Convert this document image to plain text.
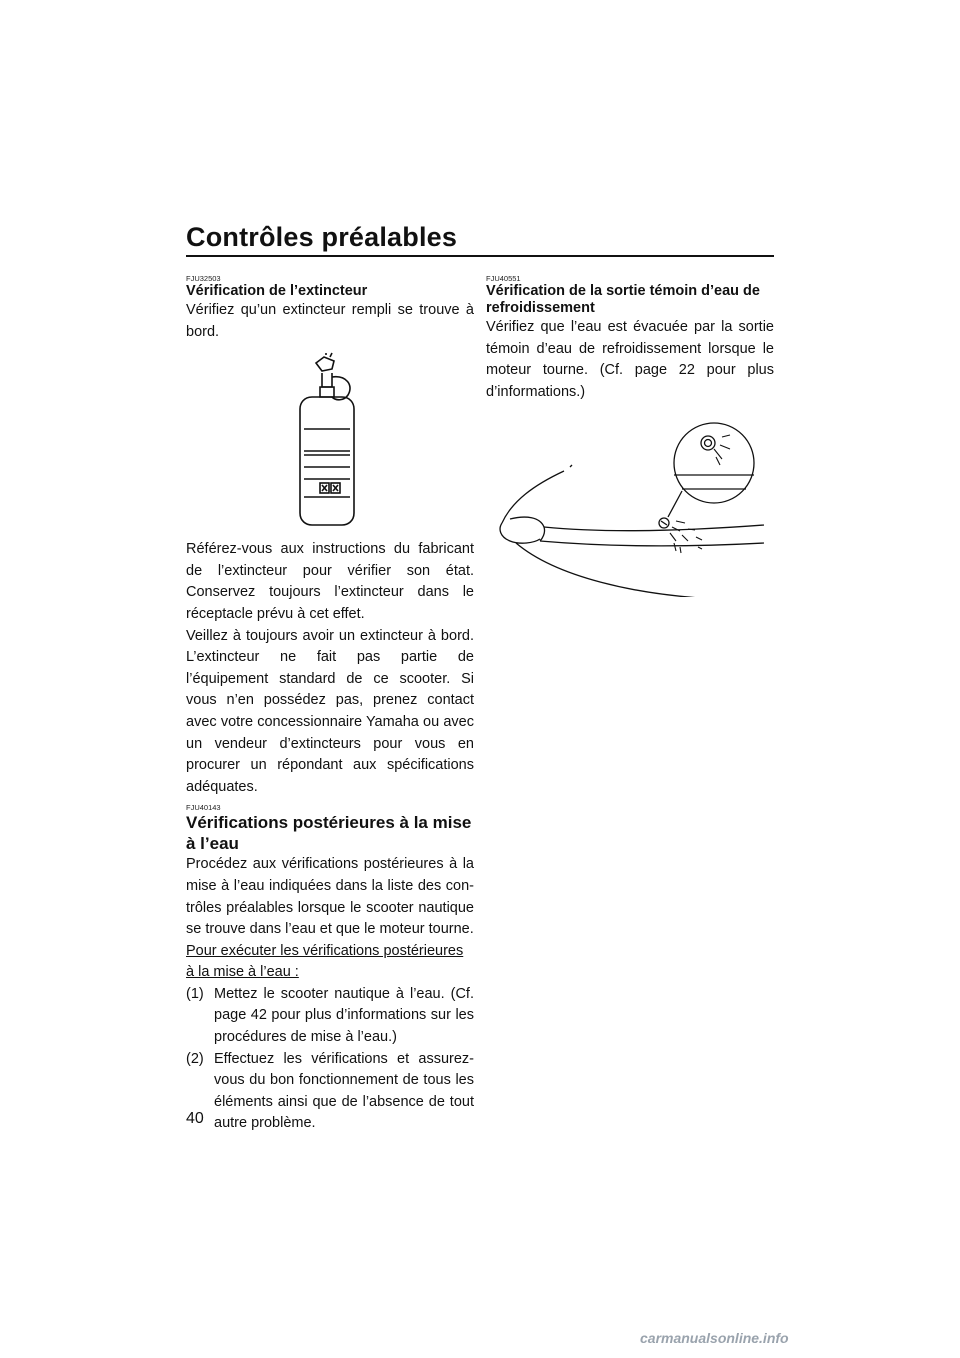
Contrôles préalables

FJU32503

Vérification de l’extincteur

Vérifiez qu’un extincteur rempli se trouve à bord.

Référez-vous aux instructions du fabricant de l’extincteur pour vérifier son état. Conservez toujours l’extincteur dans le réceptacle prévu à cet effet.

Veillez à toujours avoir un extincteur à bord. L’extincteur ne fait pas partie de l’équipement standard de ce scooter. Si vous n’en possédez pas, prenez contact avec votre concessionnaire Yamaha ou avec un vendeur d’extincteurs pour vous en procurer un répondant aux spécifications adéquates.

FJU40143

Vérifications postérieures à la mise à l’eau

Procédez aux vérifications postérieures à la mise à l’eau indiquées dans la liste des contrôles préalables lorsque le scooter nautique se trouve dans l’eau et que le moteur tourne.

Pour exécuter les vérifications postérieures à la mise à l’eau :

(1) Mettez le scooter nautique à l’eau. (Cf. page 42 pour plus d’informations sur les procédures de mise à l’eau.)
(2) Effectuez les vérifications et assurez-vous du bon fonctionnement de tous les éléments ainsi que de l’absence de tout autre problème.

FJU40551

Vérification de la sortie témoin d’eau de refroidissement

Vérifiez que l’eau est évacuée par la sortie témoin d’eau de refroidissement lorsque le moteur tourne. (Cf. page 22 pour plus d’informations.)

40
carmanualsonline.info
